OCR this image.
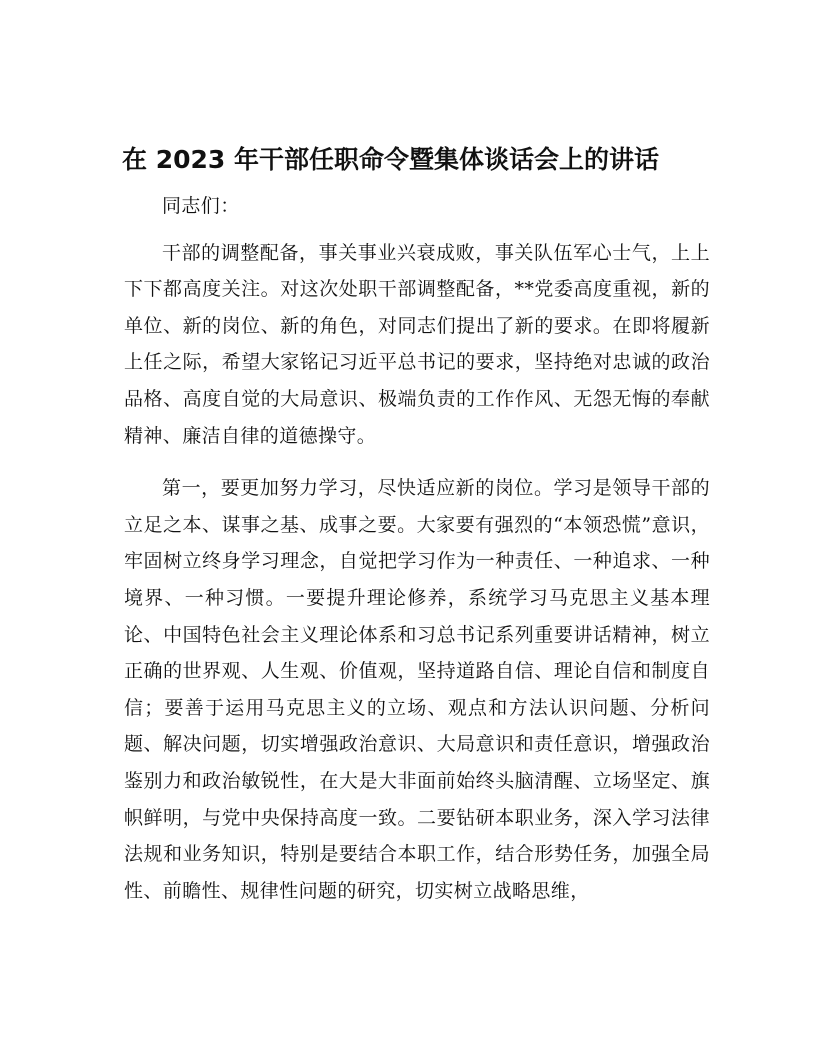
在 2023 年干部任职命令暨集体谈话会上的讲话

同志们：

干部的调整配备，事关事业兴衰成败，事关队伍军心士气，上上下下都高度关注。对这次处职干部调整配备，**党委高度重视，新的单位、新的岗位、新的角色，对同志们提出了新的要求。在即将履新上任之际，希望大家铭记习近平总书记的要求，坚持绝对忠诚的政治品格、高度自觉的大局意识、极端负责的工作作风、无怨无悔的奉献精神、廉洁自律的道德操守。

第一，要更加努力学习，尽快适应新的岗位。学习是领导干部的立足之本、谋事之基、成事之要。大家要有强烈的“本领恐慌”意识，牢固树立终身学习理念，自觉把学习作为一种责任、一种追求、一种境界、一种习惯。一要提升理论修养，系统学习马克思主义基本理论、中国特色社会主义理论体系和习总书记系列重要讲话精神，树立正确的世界观、人生观、价值观，坚持道路自信、理论自信和制度自信；要善于运用马克思主义的立场、观点和方法认识问题、分析问题、解决问题，切实增强政治意识、大局意识和责任意识，增强政治鉴别力和政治敏锐性，在大是大非面前始终头脑清醒、立场坚定、旗帜鲜明，与党中央保持高度一致。二要钻研本职业务，深入学习法律法规和业务知识，特别是要结合本职工作，结合形势任务，加强全局性、前瞻性、规律性问题的研究，切实树立战略思维，
